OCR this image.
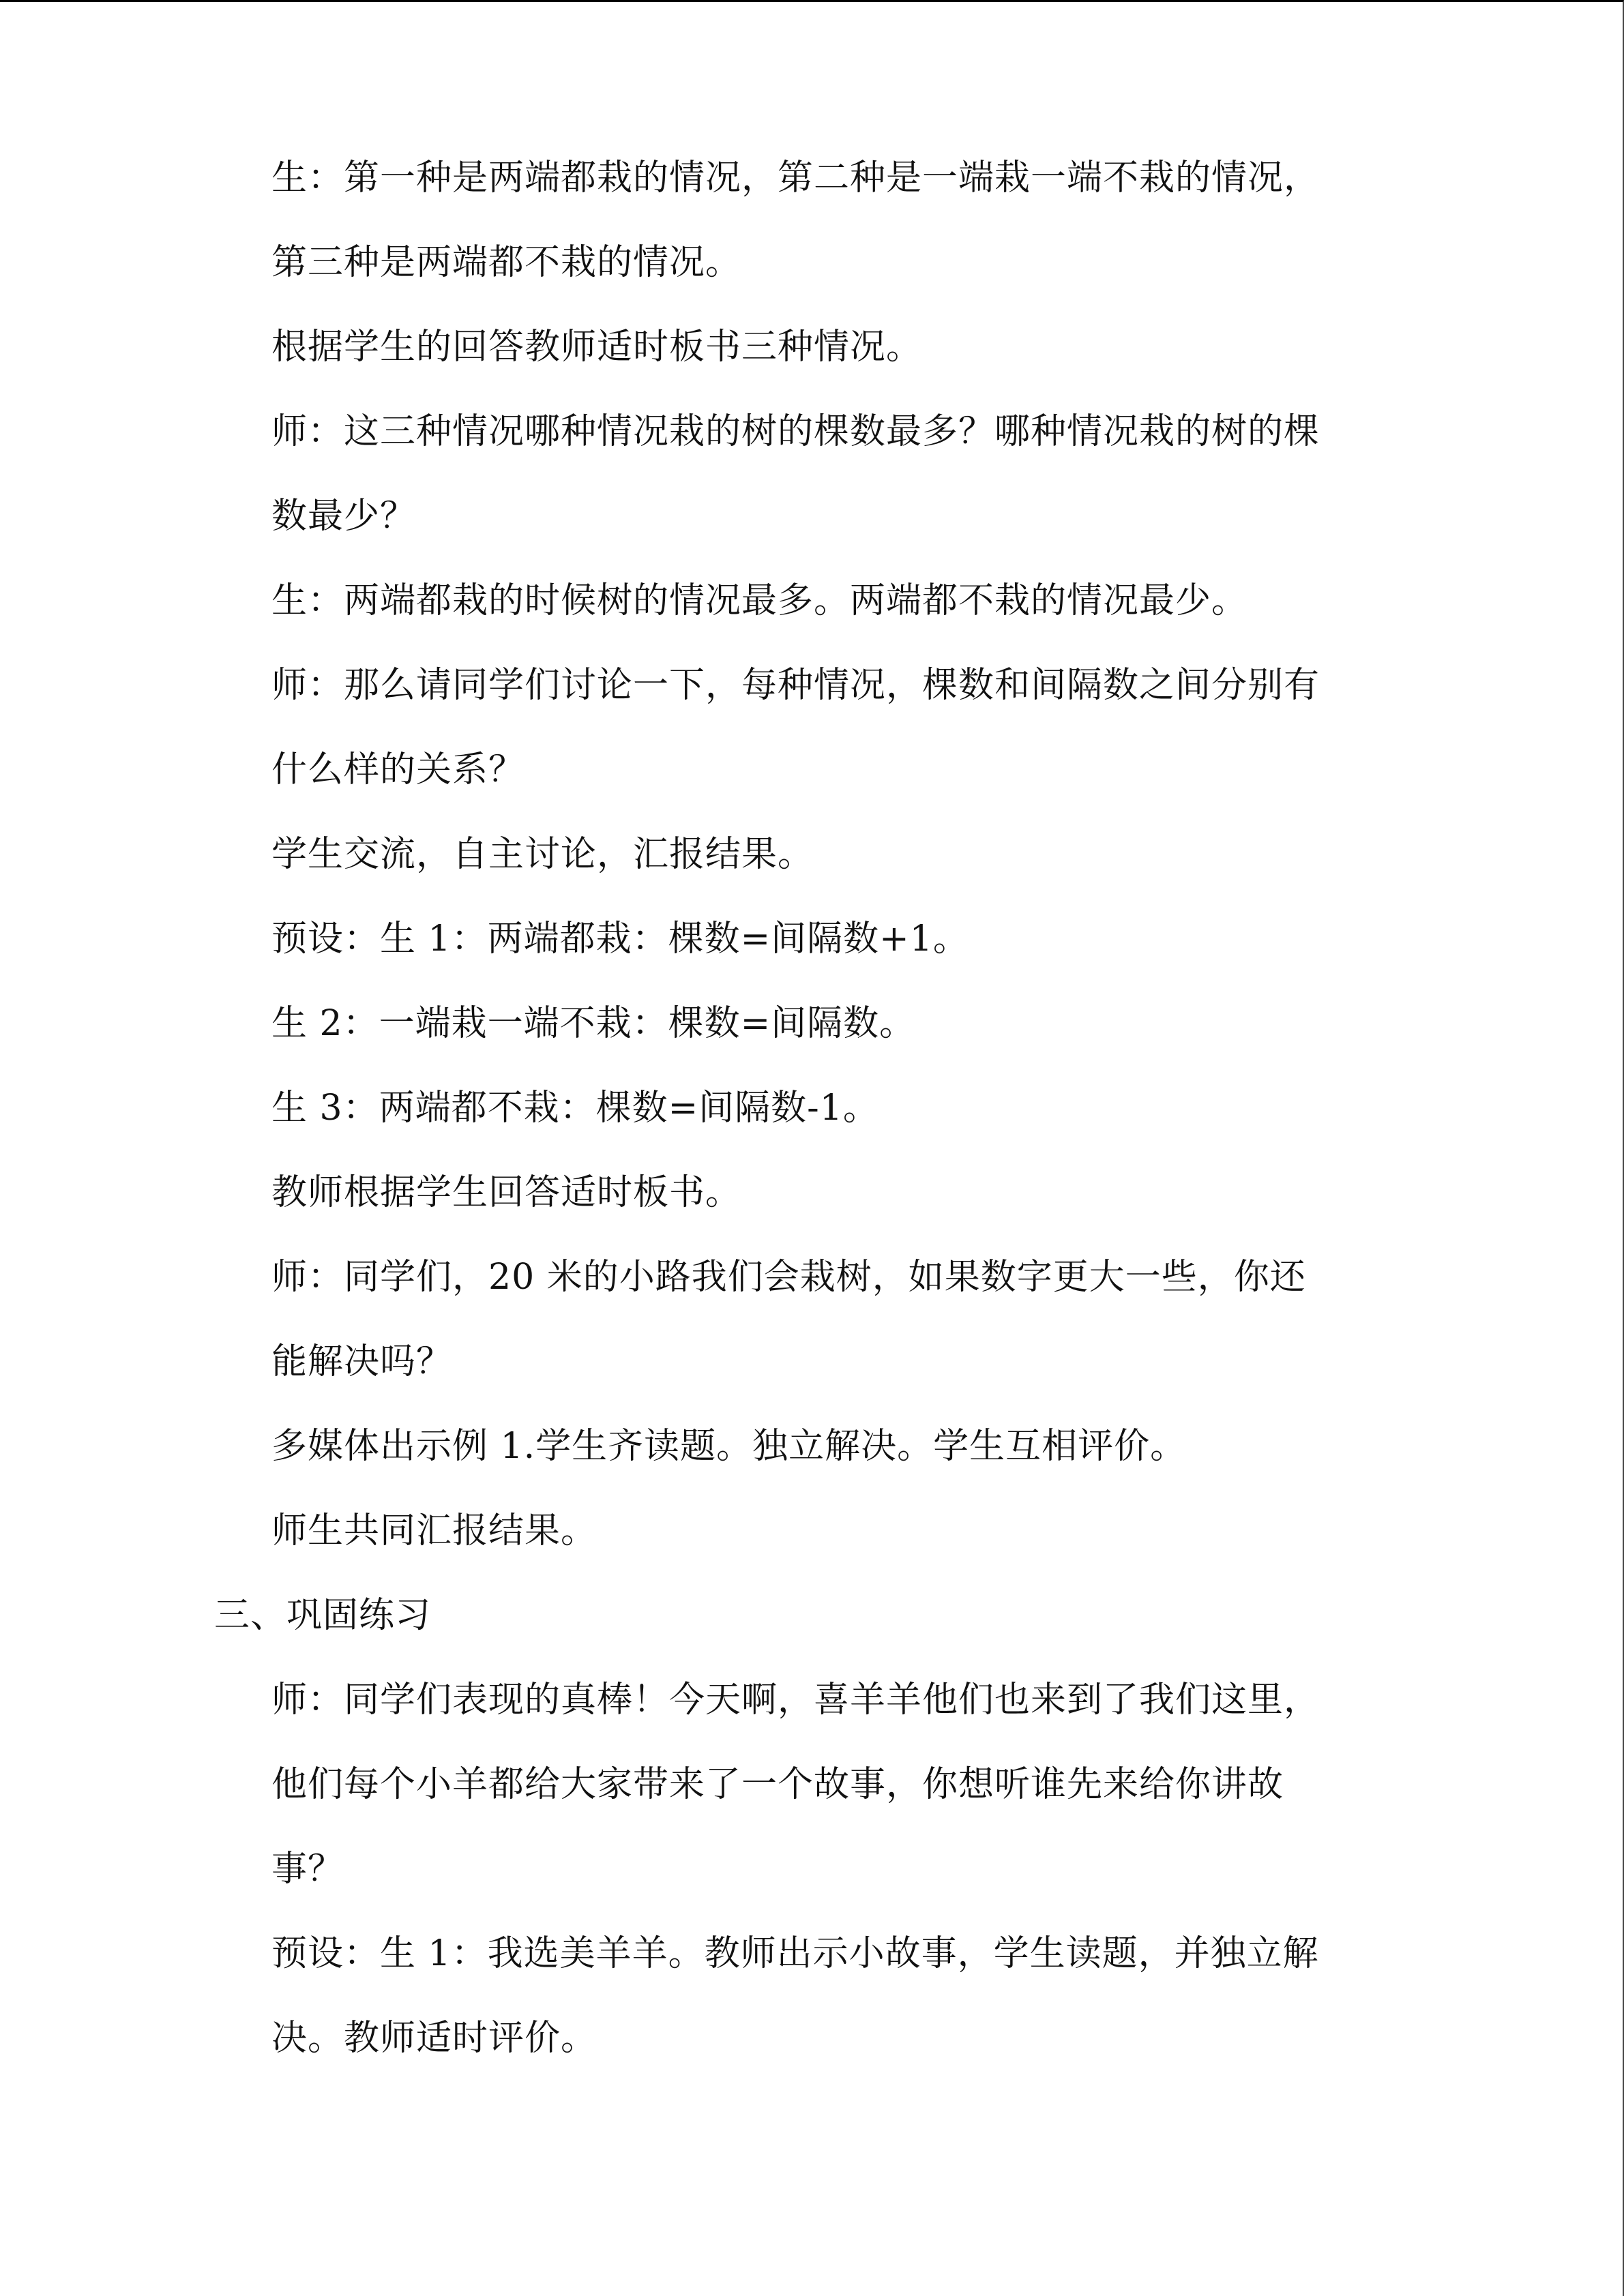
生：第一种是两端都栽的情况，第二种是一端栽一端不栽的情况，
第三种是两端都不栽的情况。
根据学生的回答教师适时板书三种情况。
师：这三种情况哪种情况栽的树的棵数最多？哪种情况栽的树的棵
数最少？
生：两端都栽的时候树的情况最多。两端都不栽的情况最少。
师：那么请同学们讨论一下，每种情况，棵数和间隔数之间分别有
什么样的关系？
学生交流，自主讨论，汇报结果。
预设：生 1：两端都栽：棵数=间隔数+1。
生 2：一端栽一端不栽：棵数=间隔数。
生 3：两端都不栽：棵数=间隔数-1。
教师根据学生回答适时板书。
师：同学们，20 米的小路我们会栽树，如果数字更大一些，你还
能解决吗？
多媒体出示例 1.学生齐读题。独立解决。学生互相评价。
师生共同汇报结果。
三、巩固练习
师：同学们表现的真棒！今天啊，喜羊羊他们也来到了我们这里，
他们每个小羊都给大家带来了一个故事，你想听谁先来给你讲故
事？
预设：生 1：我选美羊羊。教师出示小故事，学生读题，并独立解
决。教师适时评价。
